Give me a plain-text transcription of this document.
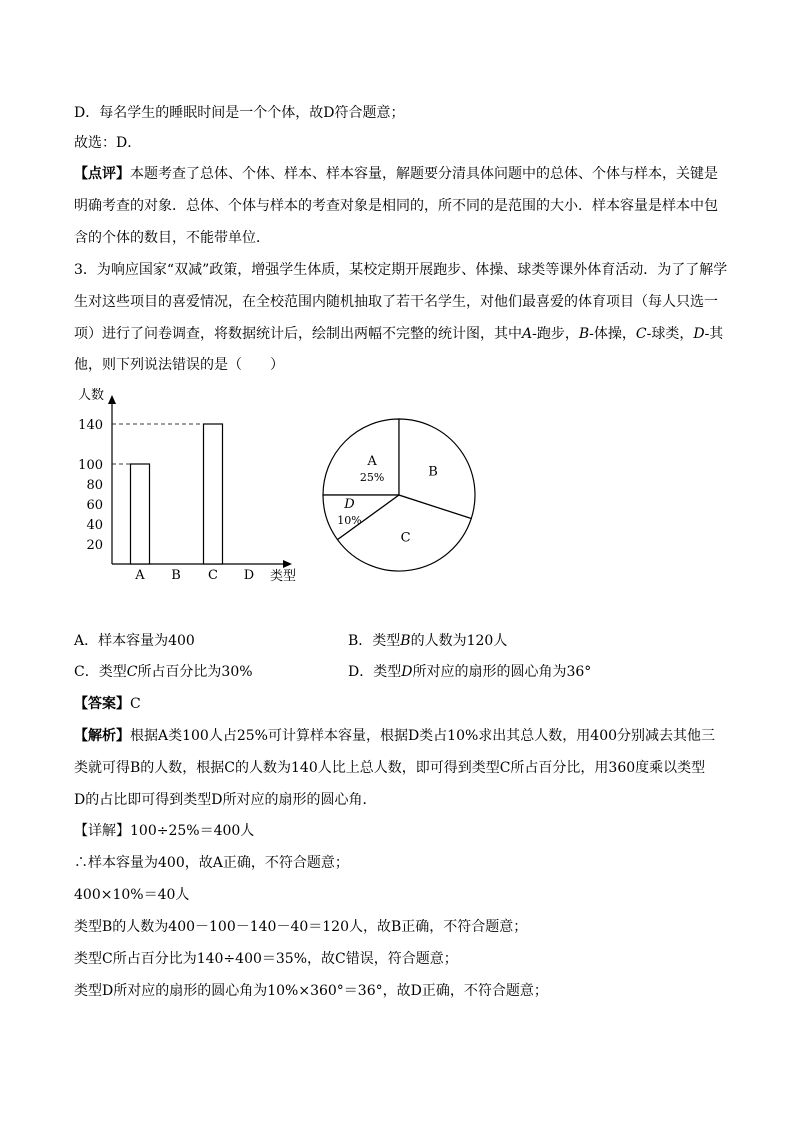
D．每名学生的睡眠时间是一个个体，故D符合题意；
故选：D．
【点评】本题考查了总体、个体、样本、样本容量，解题要分清具体问题中的总体、个体与样本，关键是
明确考查的对象．总体、个体与样本的考查对象是相同的，所不同的是范围的大小．样本容量是样本中包
含的个体的数目，不能带单位．
3．为响应国家“双减”政策，增强学生体质，某校定期开展跑步、体操、球类等课外体育活动．为了了解学
生对这些项目的喜爱情况，在全校范围内随机抽取了若干名学生，对他们最喜爱的体育项目（每人只选一
项）进行了问卷调查，将数据统计后，绘制出两幅不完整的统计图，其中A-跑步，B-体操，C-球类，D-其
他，则下列说法错误的是（　　）
人数
20
40
60
80
100
140
A B C D 类型
A
25%
D
10%
C
B
A．样本容量为400	B．类型B的人数为120人
C．类型C所占百分比为30%	D．类型D所对应的扇形的圆心角为36°
【答案】C
【解析】根据A类100人占25%可计算样本容量，根据D类占10%求出其总人数，用400分别减去其他三
类就可得B的人数，根据C的人数为140人比上总人数，即可得到类型C所占百分比，用360度乘以类型
D的占比即可得到类型D所对应的扇形的圆心角．
【详解】100÷25%＝400人
∴样本容量为400，故A正确，不符合题意；
400×10%＝40人
类型B的人数为400－100－140－40＝120人，故B正确，不符合题意；
类型C所占百分比为140÷400＝35%，故C错误，符合题意；
类型D所对应的扇形的圆心角为10%×360°＝36°，故D正确，不符合题意；
